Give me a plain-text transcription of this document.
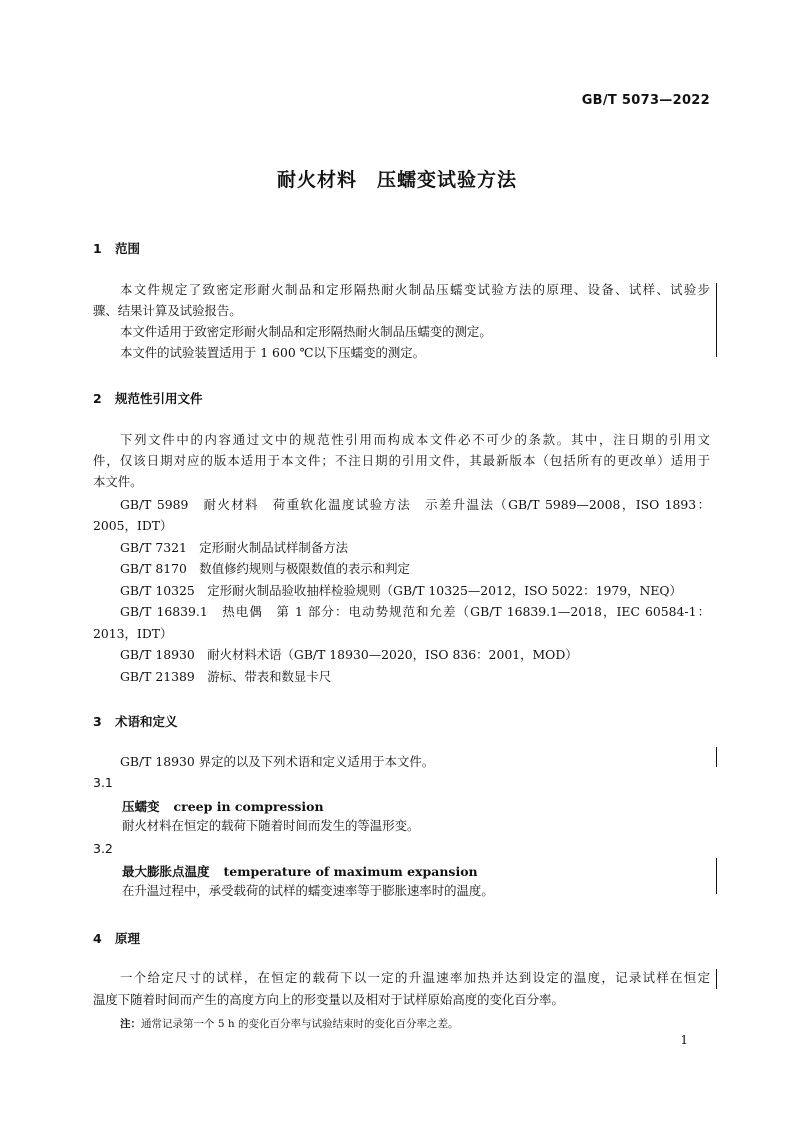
GB/T 5073—2022
耐火材料　压蠕变试验方法
1 范围
本文件规定了致密定形耐火制品和定形隔热耐火制品压蠕变试验方法的原理、设备、试样、试验步
骤、结果计算及试验报告。
本文件适用于致密定形耐火制品和定形隔热耐火制品压蠕变的测定。
本文件的试验装置适用于 1 600 ℃以下压蠕变的测定。
2 规范性引用文件
下列文件中的内容通过文中的规范性引用而构成本文件必不可少的条款。其中，注日期的引用文
件，仅该日期对应的版本适用于本文件；不注日期的引用文件，其最新版本（包括所有的更改单）适用于
本文件。
GB/T 5989　耐火材料　荷重软化温度试验方法　示差升温法（GB/T 5989—2008，ISO 1893：
2005，IDT）
GB/T 7321　定形耐火制品试样制备方法
GB/T 8170　数值修约规则与极限数值的表示和判定
GB/T 10325　定形耐火制品验收抽样检验规则（GB/T 10325—2012，ISO 5022：1979，NEQ）
GB/T 16839.1　热电偶　第 1 部分：电动势规范和允差（GB/T 16839.1—2018，IEC 60584-1：
2013，IDT）
GB/T 18930　耐火材料术语（GB/T 18930—2020，ISO 836：2001，MOD）
GB/T 21389　游标、带表和数显卡尺
3 术语和定义
GB/T 18930 界定的以及下列术语和定义适用于本文件。
3.1
压蠕变 creep in compression
耐火材料在恒定的载荷下随着时间而发生的等温形变。
3.2
最大膨胀点温度 temperature of maximum expansion
在升温过程中，承受载荷的试样的蠕变速率等于膨胀速率时的温度。
4 原理
一个给定尺寸的试样，在恒定的载荷下以一定的升温速率加热并达到设定的温度，记录试样在恒定
温度下随着时间而产生的高度方向上的形变量以及相对于试样原始高度的变化百分率。
注：通常记录第一个 5 h 的变化百分率与试验结束时的变化百分率之差。
1
